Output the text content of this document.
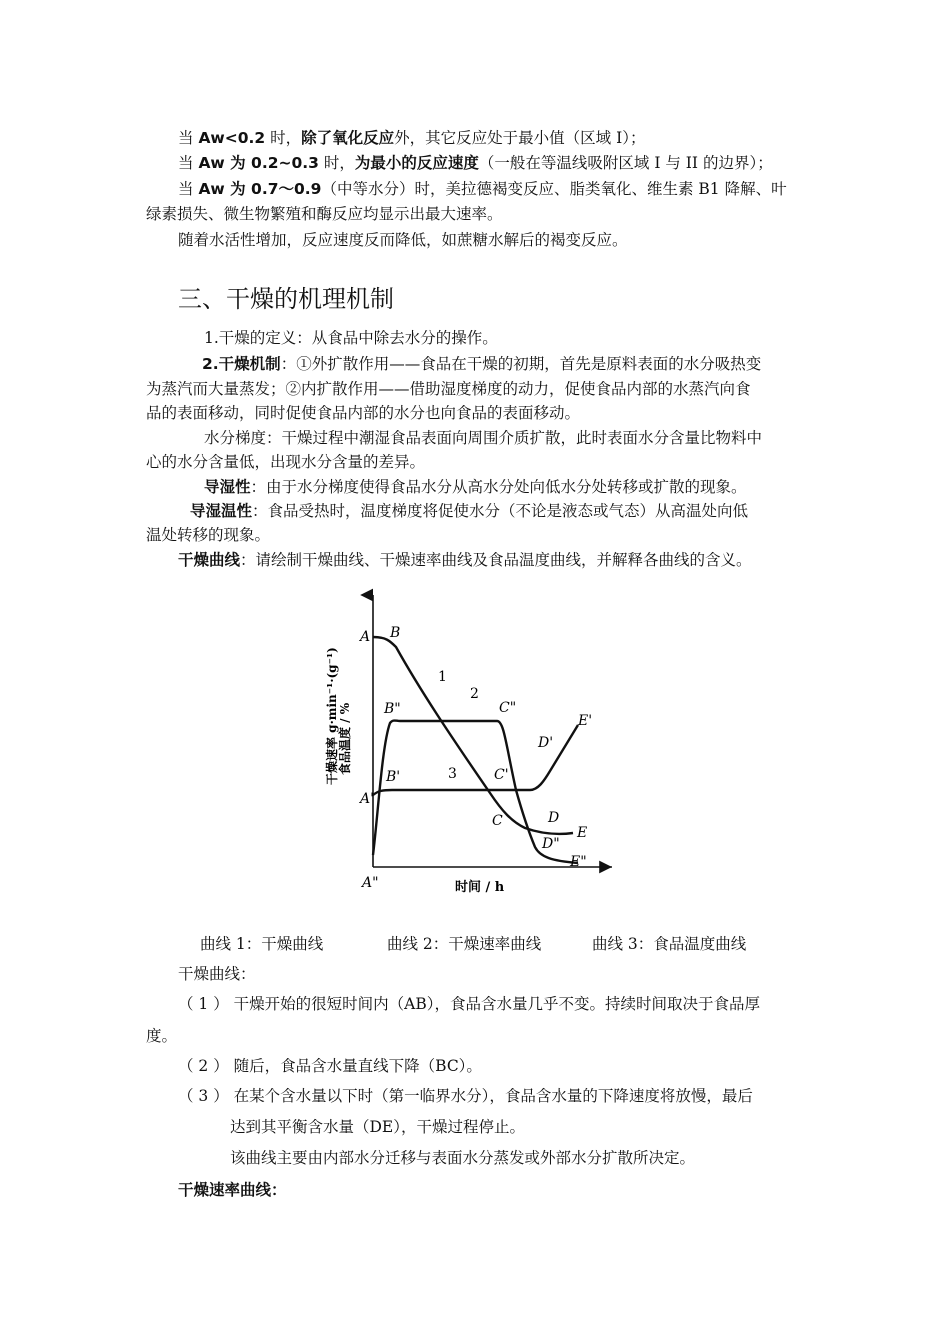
当 Aw<0.2 时，除了氧化反应外，其它反应处于最小值（区域 I）；
当 Aw 为 0.2~0.3 时，为最小的反应速度（一般在等温线吸附区域 I 与 II 的边界）；
当 Aw 为 0.7～0.9（中等水分）时，美拉德褐变反应、脂类氧化、维生素 B1 降解、叶
绿素损失、微生物繁殖和酶反应均显示出最大速率。
随着水活性增加，反应速度反而降低，如蔗糖水解后的褐变反应。
三、干燥的机理机制
1.干燥的定义：从食品中除去水分的操作。
2.干燥机制：①外扩散作用——食品在干燥的初期，首先是原料表面的水分吸热变
为蒸汽而大量蒸发；②内扩散作用——借助湿度梯度的动力，促使食品内部的水蒸汽向食
品的表面移动，同时促使食品内部的水分也向食品的表面移动。
水分梯度：干燥过程中潮湿食品表面向周围介质扩散，此时表面水分含量比物料中
心的水分含量低，出现水分含量的差异。
导湿性：由于水分梯度使得食品水分从高水分处向低水分处转移或扩散的现象。
导湿温性：食品受热时，温度梯度将促使水分（不论是液态或气态）从高温处向低
温处转移的现象。
干燥曲线：请绘制干燥曲线、干燥速率曲线及食品温度曲线，并解释各曲线的含义。
A B
C	D
E
A'
B'	C'
D'
E'
A"
B"	C"
D"
E"
1
2
3
时间 / h
干燥速率 g·min⁻¹·(g⁻¹) 食品温度 / %
曲线 1：干燥曲线	曲线 2：干燥速率曲线	曲线 3：食品温度曲线
干燥曲线：
（ 1 ） 干燥开始的很短时间内（AB），食品含水量几乎不变。持续时间取决于食品厚
度。
（ 2 ） 随后，食品含水量直线下降（BC）。
（ 3 ） 在某个含水量以下时（第一临界水分），食品含水量的下降速度将放慢，最后
达到其平衡含水量（DE），干燥过程停止。
该曲线主要由内部水分迁移与表面水分蒸发或外部水分扩散所决定。
干燥速率曲线：
